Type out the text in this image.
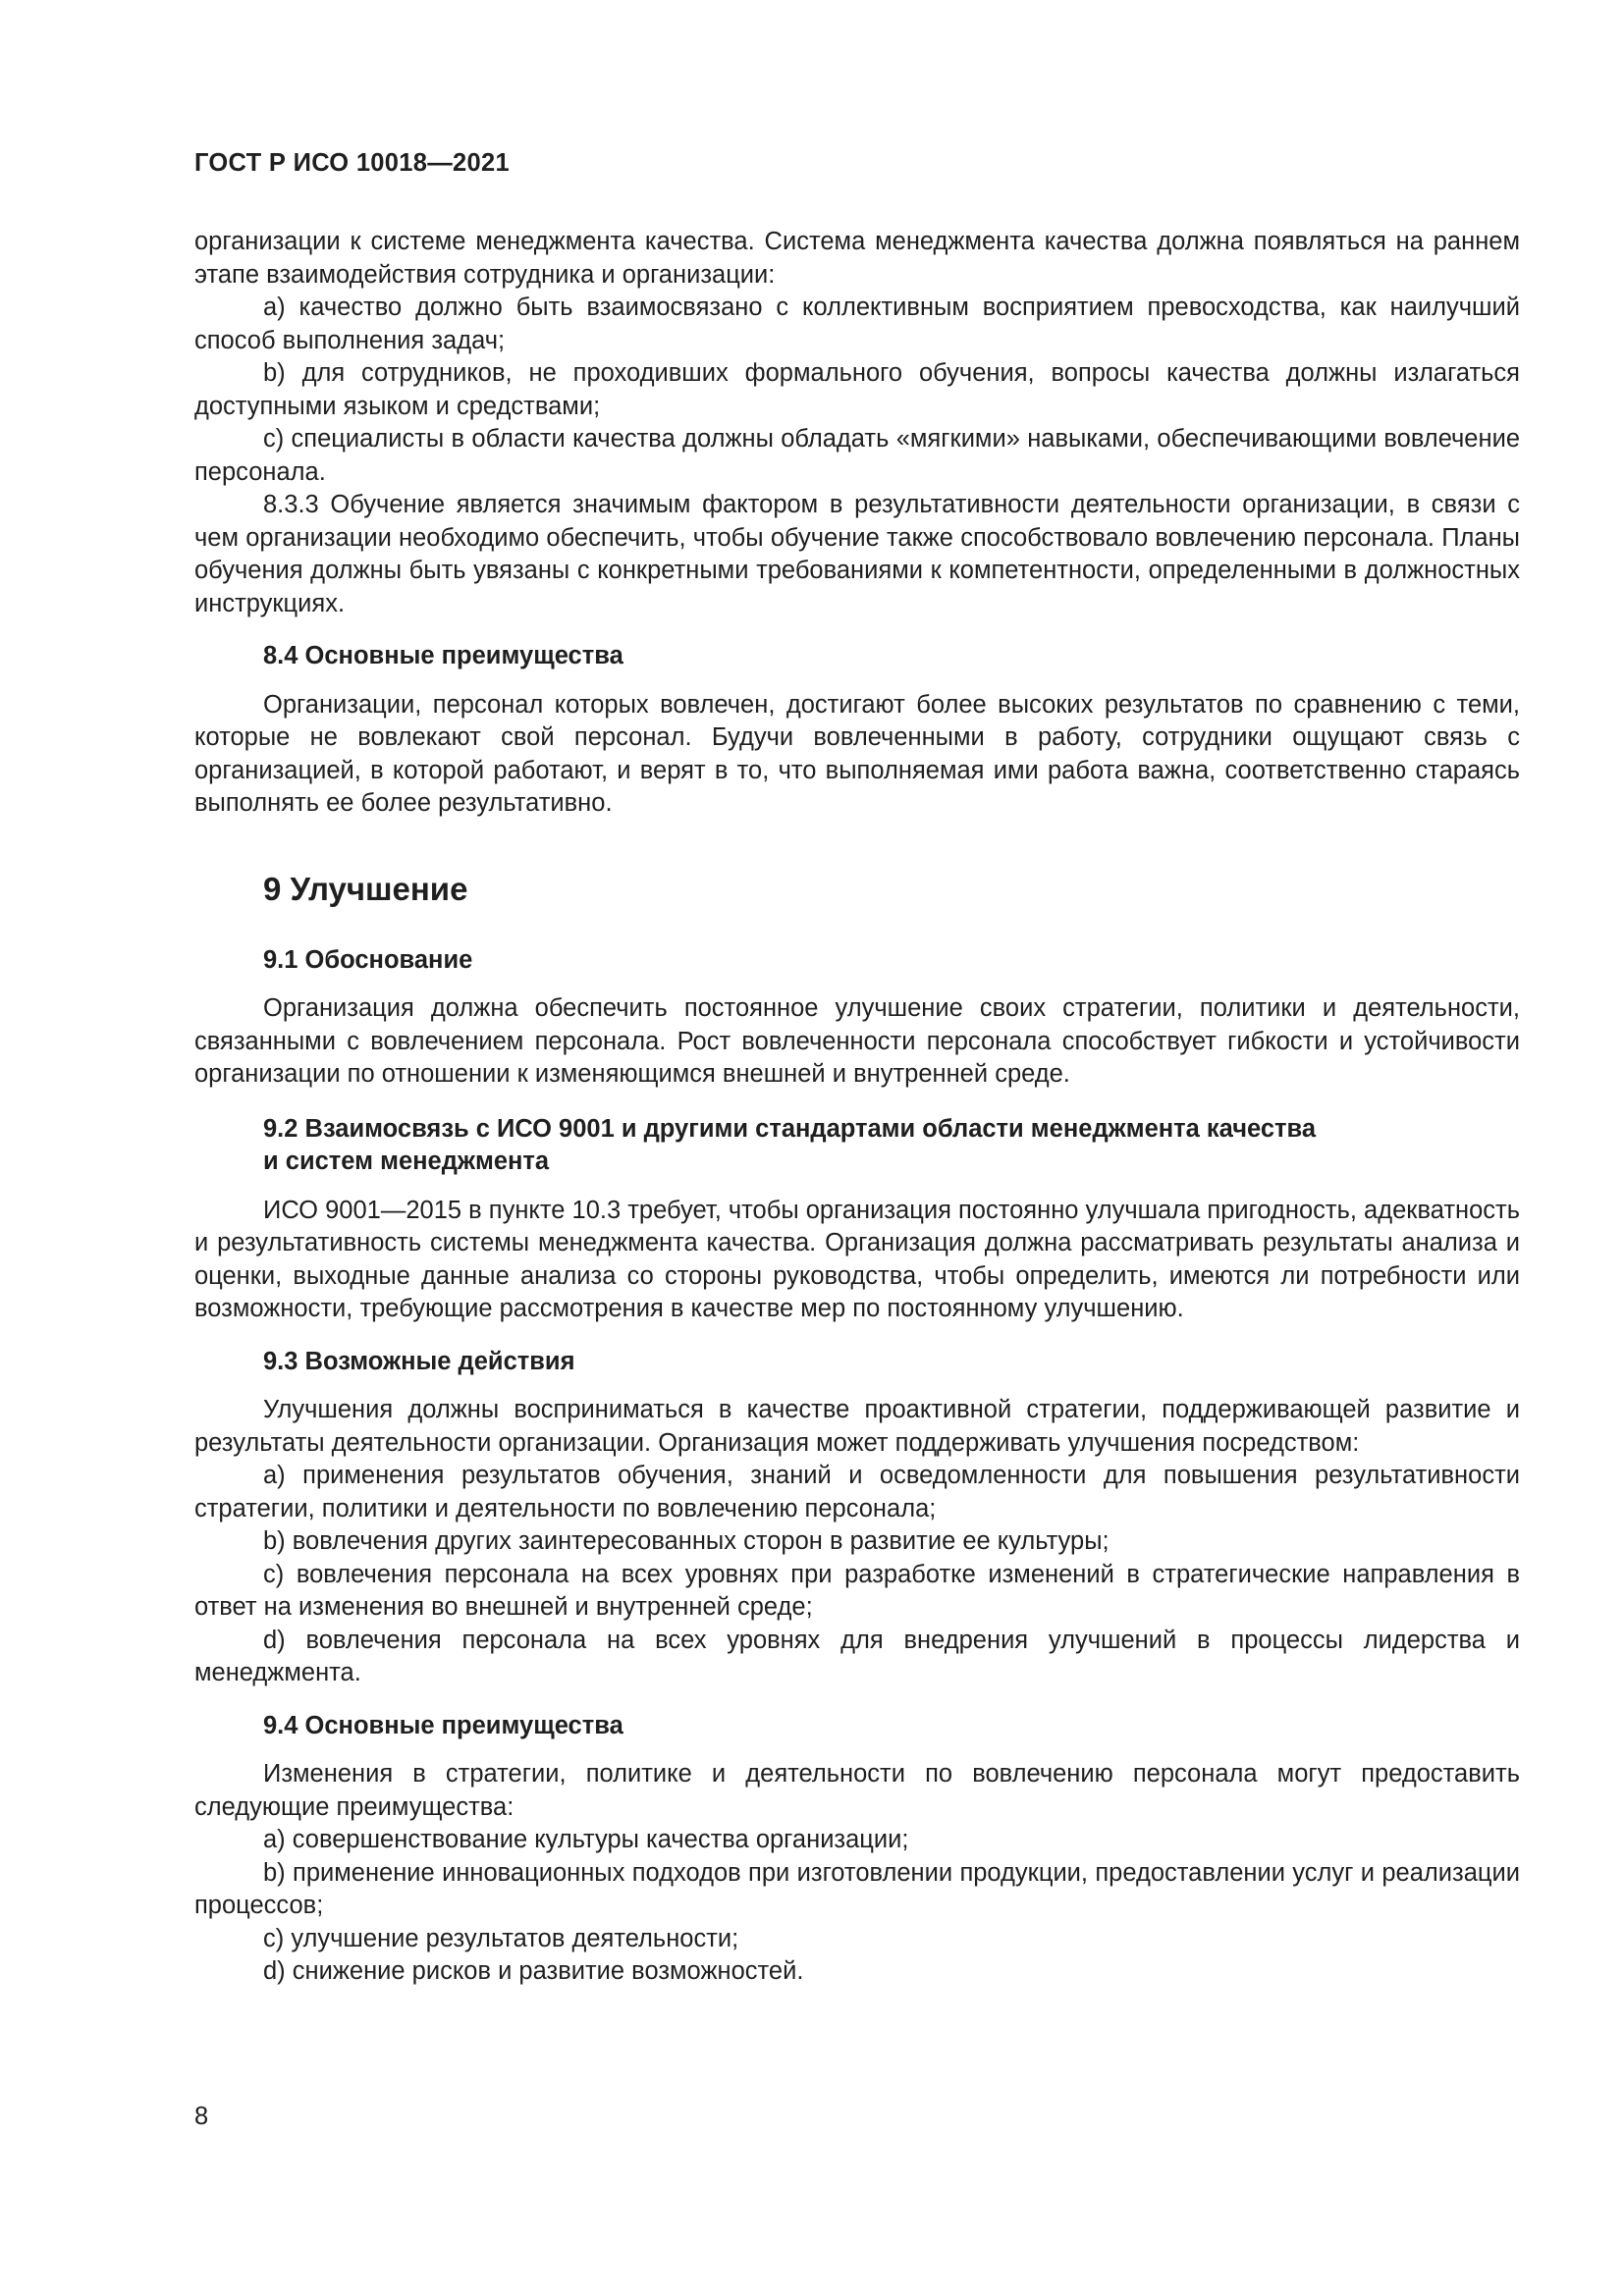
ГОСТ Р ИСО 10018—2021

организации к системе менеджмента качества. Система менеджмента качества должна появляться на раннем этапе взаимодействия сотрудника и организации:

a) качество должно быть взаимосвязано с коллективным восприятием превосходства, как наилучший способ выполнения задач;

b) для сотрудников, не проходивших формального обучения, вопросы качества должны излагаться доступными языком и средствами;

c) специалисты в области качества должны обладать «мягкими» навыками, обеспечивающими вовлечение персонала.

8.3.3 Обучение является значимым фактором в результативности деятельности организации, в связи с чем организации необходимо обеспечить, чтобы обучение также способствовало вовлечению персонала. Планы обучения должны быть увязаны с конкретными требованиями к компетентности, определенными в должностных инструкциях.

8.4 Основные преимущества

Организации, персонал которых вовлечен, достигают более высоких результатов по сравнению с теми, которые не вовлекают свой персонал. Будучи вовлеченными в работу, сотрудники ощущают связь с организацией, в которой работают, и верят в то, что выполняемая ими работа важна, соответственно стараясь выполнять ее более результативно.

9 Улучшение
9.1 Обоснование

Организация должна обеспечить постоянное улучшение своих стратегии, политики и деятельности, связанными с вовлечением персонала. Рост вовлеченности персонала способствует гибкости и устойчивости организации по отношении к изменяющимся внешней и внутренней среде.

9.2 Взаимосвязь с ИСО 9001 и другими стандартами области менеджмента качества
и систем менеджмента

ИСО 9001—2015 в пункте 10.3 требует, чтобы организация постоянно улучшала пригодность, адекватность и результативность системы менеджмента качества. Организация должна рассматривать результаты анализа и оценки, выходные данные анализа со стороны руководства, чтобы определить, имеются ли потребности или возможности, требующие рассмотрения в качестве мер по постоянному улучшению.

9.3 Возможные действия

Улучшения должны восприниматься в качестве проактивной стратегии, поддерживающей развитие и результаты деятельности организации. Организация может поддерживать улучшения посредством:

a) применения результатов обучения, знаний и осведомленности для повышения результативности стратегии, политики и деятельности по вовлечению персонала;

b) вовлечения других заинтересованных сторон в развитие ее культуры;

c) вовлечения персонала на всех уровнях при разработке изменений в стратегические направления в ответ на изменения во внешней и внутренней среде;

d) вовлечения персонала на всех уровнях для внедрения улучшений в процессы лидерства и менеджмента.

9.4 Основные преимущества

Изменения в стратегии, политике и деятельности по вовлечению персонала могут предоставить следующие преимущества:

a) совершенствование культуры качества организации;

b) применение инновационных подходов при изготовлении продукции, предоставлении услуг и реализации процессов;

c) улучшение результатов деятельности;

d) снижение рисков и развитие возможностей.

8
